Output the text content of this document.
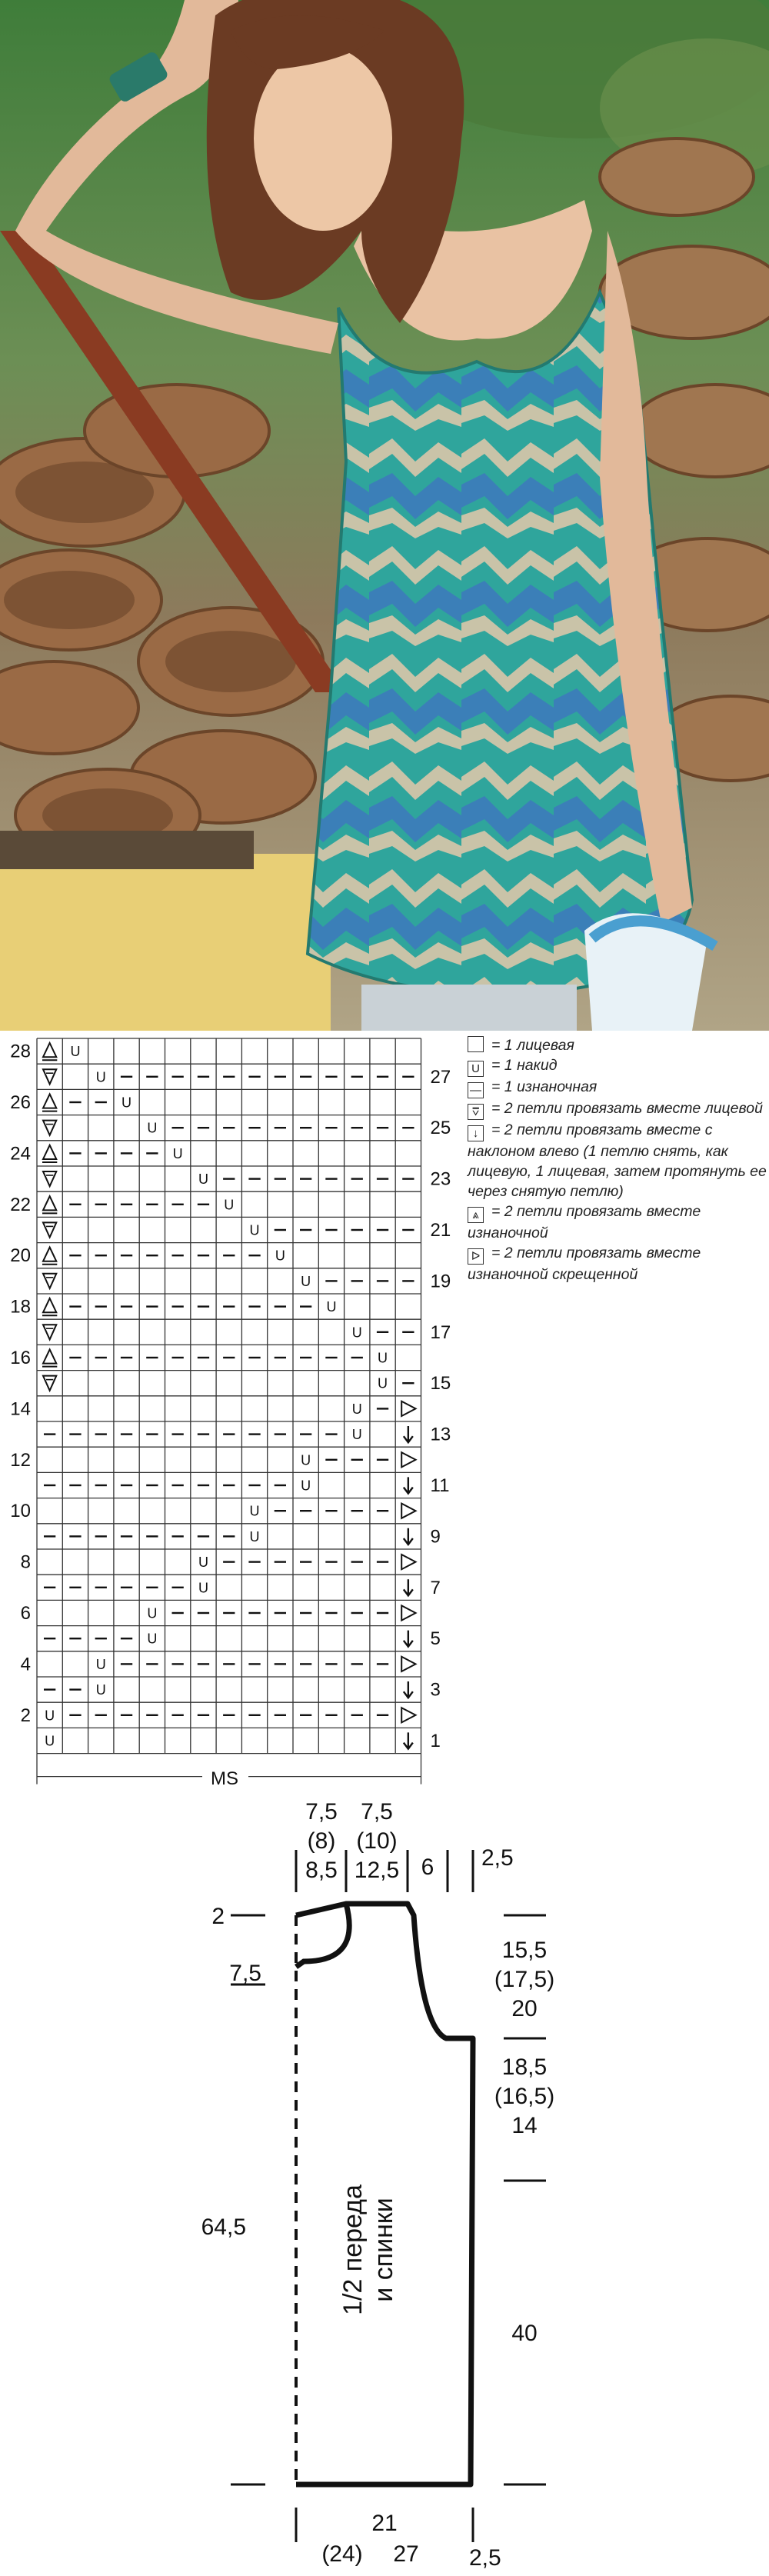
U
U
U
U
U
U
U
U
U
U
U
U
U
U
U
U
U
U
U
U
U
U
U
U
U
U
U
U
28
26
24
22
20
18
16
14
12
10
8
6
4
2
27
25
23
21
19
17
15
13
11
9
7
5
3
1
MS
= 1 лицевая
U = 1 накид
— = 1 изнаночная
⩢ = 2 петли провязать вместе лицевой
↓ = 2 петли провязать вместе с наклоном влево (1 петлю снять, как лицевую, 1 лицевая, затем протянуть ее через снятую петлю)
⩓ = 2 петли провязать вместе изнаночной
ᐅ = 2 петли провязать вместе изнаночной скрещенной
7,5
(8)
8,5
7,5
(10)
12,5 6 2,5
2
7,5
64,5
15,5
(17,5)
20
18,5
(16,5)
14
40
1/2 переда и спинки
21
(24) 27 2,5
